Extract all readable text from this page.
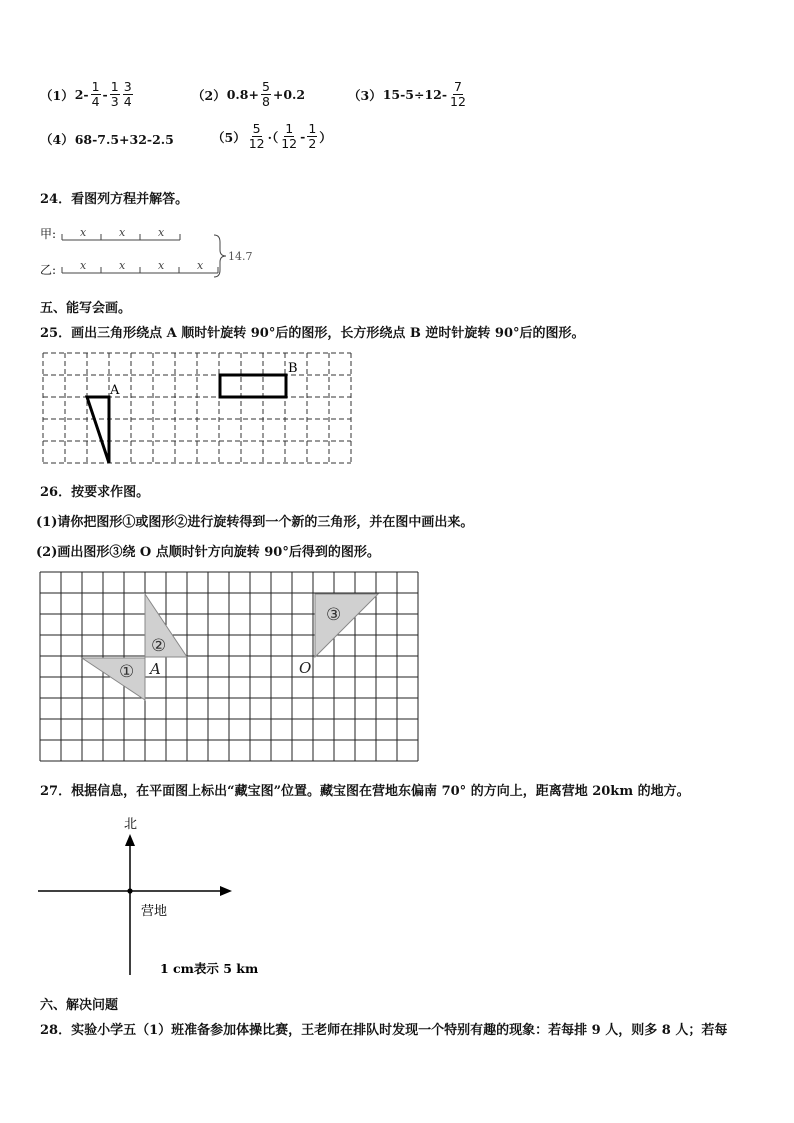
（1） $2- \frac{1}{4} - \frac{1}{3} \frac{3}{4}$	（2） $0.8+ \frac{5}{8} +0.2$	（3） $15-5\div 12- \frac{7}{12}$
（4） 68-7.5+32-2.5	$(5) \frac{5}{12}$ ·（ $\frac{1}{12} - \frac{1}{2}$ ）
24．看图列方程并解答。
甲:
乙:
x	x	x
x	x	x	x
14.7
五、能写会画。
25．画出三角形绕点 A 顺时针旋转 90°后的图形，长方形绕点 B 逆时针旋转 90°后的图形。
A
B
26．按要求作图。
(1)请你把图形①或图形②进行旋转得到一个新的三角形，并在图中画出来。
(2)画出图形③绕 O 点顺时针方向旋转 90°后得到的图形。
①
②
③
A	O
27．根据信息，在平面图上标出“藏宝图”位置。藏宝图在营地东偏南 70° 的方向上，距离营地 20km 的地方。
北
营地
1 cm表示 5 km
六、解决问题
28．实验小学五（1）班准备参加体操比赛，王老师在排队时发现一个特别有趣的现象：若每排 9 人，则多 8 人；若每
